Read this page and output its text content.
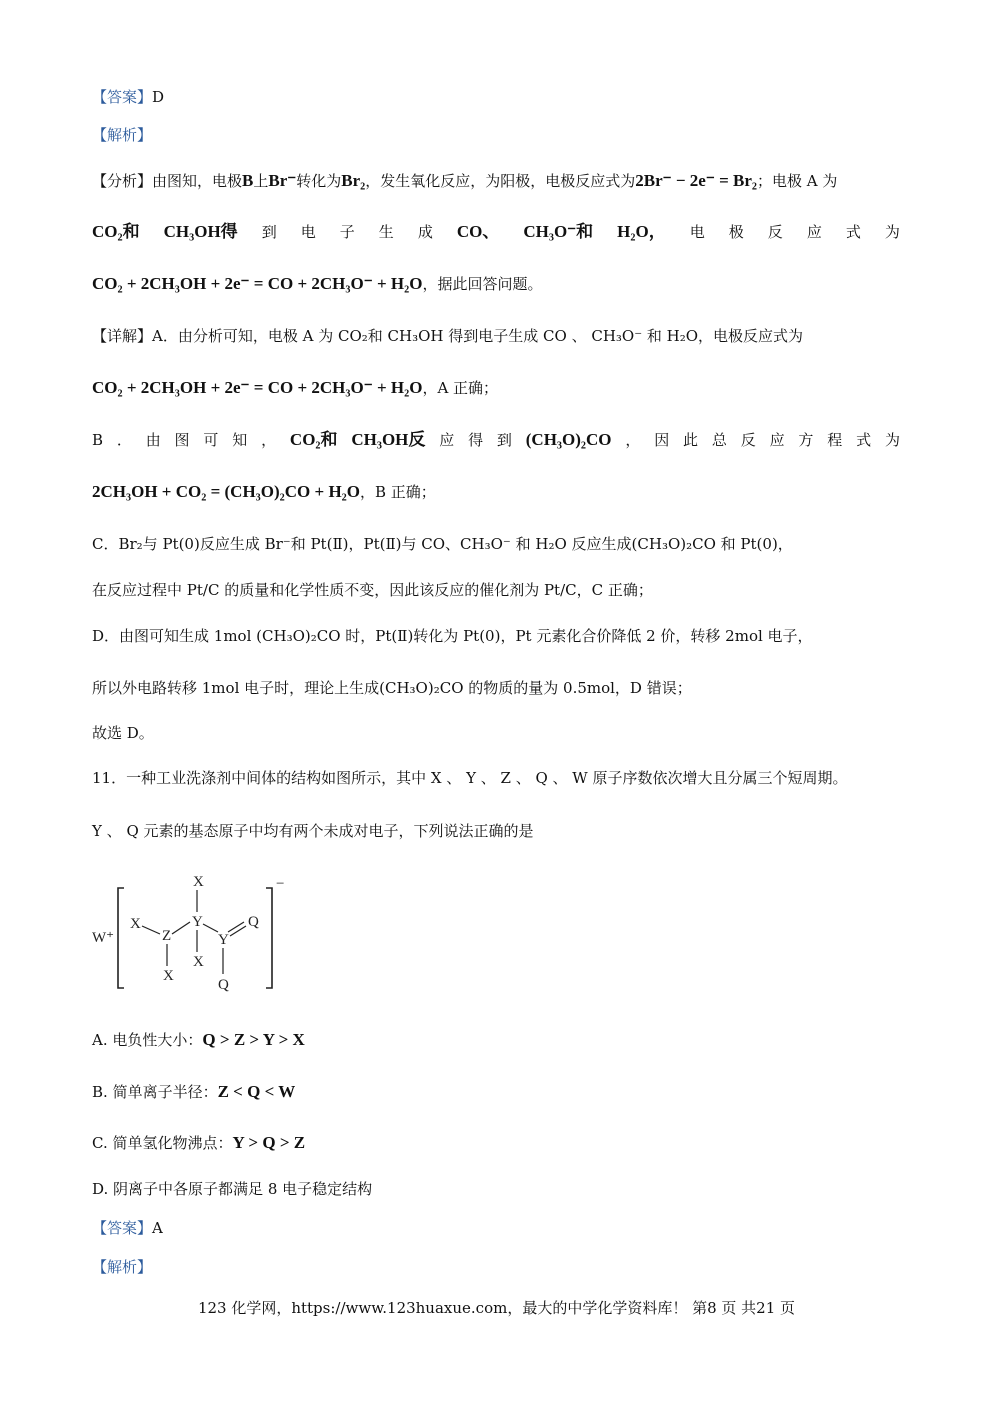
【答案】D
【解析】
【分析】由图知，电极B上Br⁻转化为Br₂，发生氧化反应，为阳极，电极反应式为2Br⁻ − 2e⁻ = Br₂；电极 A 为
CO₂和 CH₃OH得 到 电 子 生 成 CO、 CH₃O⁻和 H₂O， 电 极 反 应 式 为
CO₂ + 2CH₃OH + 2e⁻ = CO + 2CH₃O⁻ + H₂O，据此回答问题。
【详解】A．由分析可知，电极 A 为 CO₂和 CH₃OH 得到电子生成 CO 、 CH₃O⁻ 和 H₂O，电极反应式为
CO₂ + 2CH₃OH + 2e⁻ = CO + 2CH₃O⁻ + H₂O，A 正确；
B ． 由 图 可 知 ， CO₂和 CH₃OH反 应 得 到 (CH₃O)₂CO ， 因 此 总 反 应 方 程 式 为
2CH₃OH + CO₂ = (CH₃O)₂CO + H₂O，B 正确；
C．Br₂与 Pt(0)反应生成 Br⁻和 Pt(Ⅱ)，Pt(Ⅱ)与 CO、CH₃O⁻ 和 H₂O 反应生成(CH₃O)₂CO 和 Pt(0)，
在反应过程中 Pt/C 的质量和化学性质不变，因此该反应的催化剂为 Pt/C，C 正确；
D．由图可知生成 1mol (CH₃O)₂CO 时，Pt(Ⅱ)转化为 Pt(0)，Pt 元素化合价降低 2 价，转移 2mol 电子，
所以外电路转移 1mol 电子时，理论上生成(CH₃O)₂CO 的物质的量为 0.5mol，D 错误；
故选 D。
11．一种工业洗涤剂中间体的结构如图所示，其中 X 、 Y 、 Z 、 Q 、 W 原子序数依次增大且分属三个短周期。
Y 、 Q 元素的基态原子中均有两个未成对电子，下列说法正确的是
W⁺
−
X
Z
Y
Y
Q
Q
X
X
X
A. 电负性大小：Q > Z > Y > X
B. 简单离子半径：Z < Q < W
C. 简单氢化物沸点：Y > Q > Z
D. 阴离子中各原子都满足 8 电子稳定结构
【答案】A
【解析】
123 化学网，https://www.123huaxue.com，最大的中学化学资料库！ 第8 页 共21 页
